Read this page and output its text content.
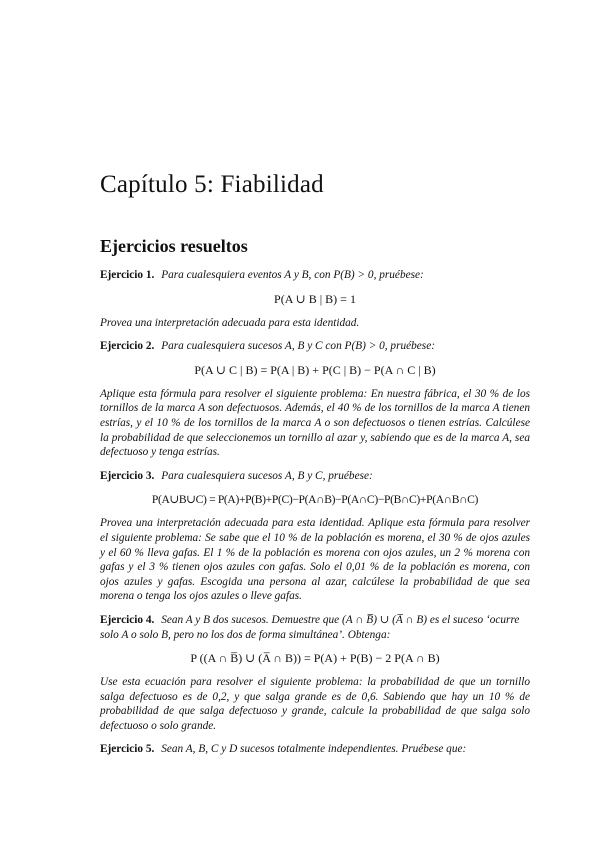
Capítulo 5: Fiabilidad
Ejercicios resueltos

Ejercicio 1. Para cualesquiera eventos A y B, con P(B) > 0, pruébese:

P(A ∪ B | B) = 1

Provea una interpretación adecuada para esta identidad.

Ejercicio 2. Para cualesquiera sucesos A, B y C con P(B) > 0, pruébese:

P(A ∪ C | B) = P(A | B) + P(C | B) − P(A ∩ C | B)

Aplique esta fórmula para resolver el siguiente problema: En nuestra fábrica, el 30 % de los tornillos de la marca A son defectuosos. Además, el 40 % de los tornillos de la marca A tienen estrías, y el 10 % de los tornillos de la marca A o son defectuosos o tienen estrías. Calcúlese la probabilidad de que seleccionemos un tornillo al azar y, sabiendo que es de la marca A, sea defectuoso y tenga estrías.

Ejercicio 3. Para cualesquiera sucesos A, B y C, pruébese:

P(A∪B∪C) = P(A)+P(B)+P(C)−P(A∩B)−P(A∩C)−P(B∩C)+P(A∩B∩C)

Provea una interpretación adecuada para esta identidad. Aplique esta fórmula para resolver el siguiente problema: Se sabe que el 10 % de la población es morena, el 30 % de ojos azules y el 60 % lleva gafas. El 1 % de la población es morena con ojos azules, un 2 % morena con gafas y el 3 % tienen ojos azules con gafas. Solo el 0,01 % de la población es morena, con ojos azules y gafas. Escogida una persona al azar, calcúlese la probabilidad de que sea morena o tenga los ojos azules o lleve gafas.

Ejercicio 4. Sean A y B dos sucesos. Demuestre que (A ∩ B̅) ∪ (A̅ ∩ B) es el suceso ‘ocurre solo A o solo B, pero no los dos de forma simultánea’. Obtenga:

P ((A ∩ B̅) ∪ (A̅ ∩ B)) = P(A) + P(B) − 2 P(A ∩ B)

Use esta ecuación para resolver el siguiente problema: la probabilidad de que un tornillo salga defectuoso es de 0,2, y que salga grande es de 0,6. Sabiendo que hay un 10 % de probabilidad de que salga defectuoso y grande, calcule la probabilidad de que salga solo defectuoso o solo grande.

Ejercicio 5. Sean A, B, C y D sucesos totalmente independientes. Pruébese que:
